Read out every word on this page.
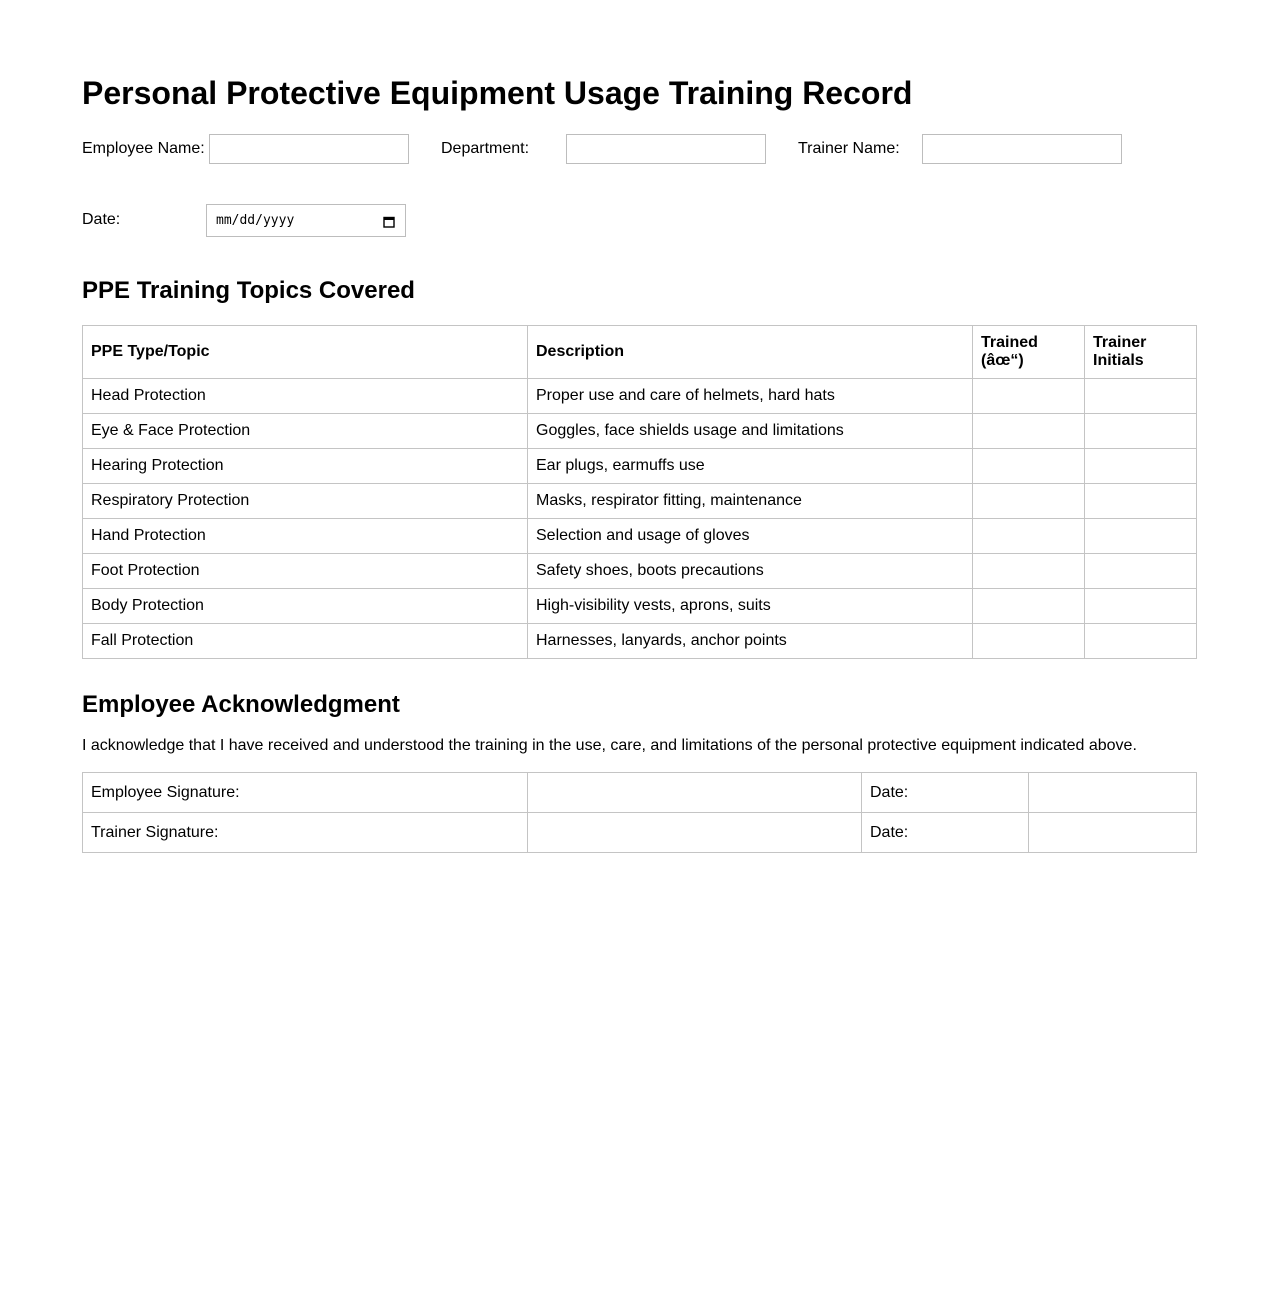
Personal Protective Equipment Usage Training Record
Employee Name:	Department:	Trainer Name:
Date:	mm/dd/yyyy
PPE Training Topics Covered
PPE Type/Topic	Description	Trained (âœ“)	Trainer Initials
Head Protection	Proper use and care of helmets, hard hats		
Eye & Face Protection	Goggles, face shields usage and limitations		
Hearing Protection	Ear plugs, earmuffs use		
Respiratory Protection	Masks, respirator fitting, maintenance		
Hand Protection	Selection and usage of gloves		
Foot Protection	Safety shoes, boots precautions		
Body Protection	High-visibility vests, aprons, suits		
Fall Protection	Harnesses, lanyards, anchor points		
Employee Acknowledgment

I acknowledge that I have received and understood the training in the use, care, and limitations of the personal protective equipment indicated above.

Employee Signature:		Date:	
Trainer Signature:		Date:	
